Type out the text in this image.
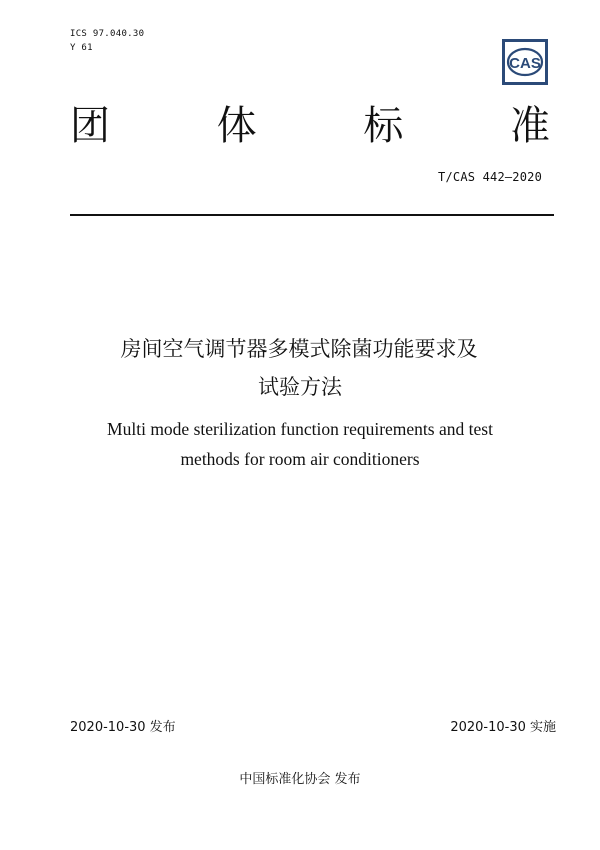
ICS 97.040.30
Y 61
CAS
团	体	标	准
T/CAS 442—2020
房间空气调节器多模式除菌功能要求及
试验方法
Multi mode sterilization function requirements and test
methods for room air conditioners
2020-10-30 发布	2020-10-30 实施
中国标准化协会 发布
